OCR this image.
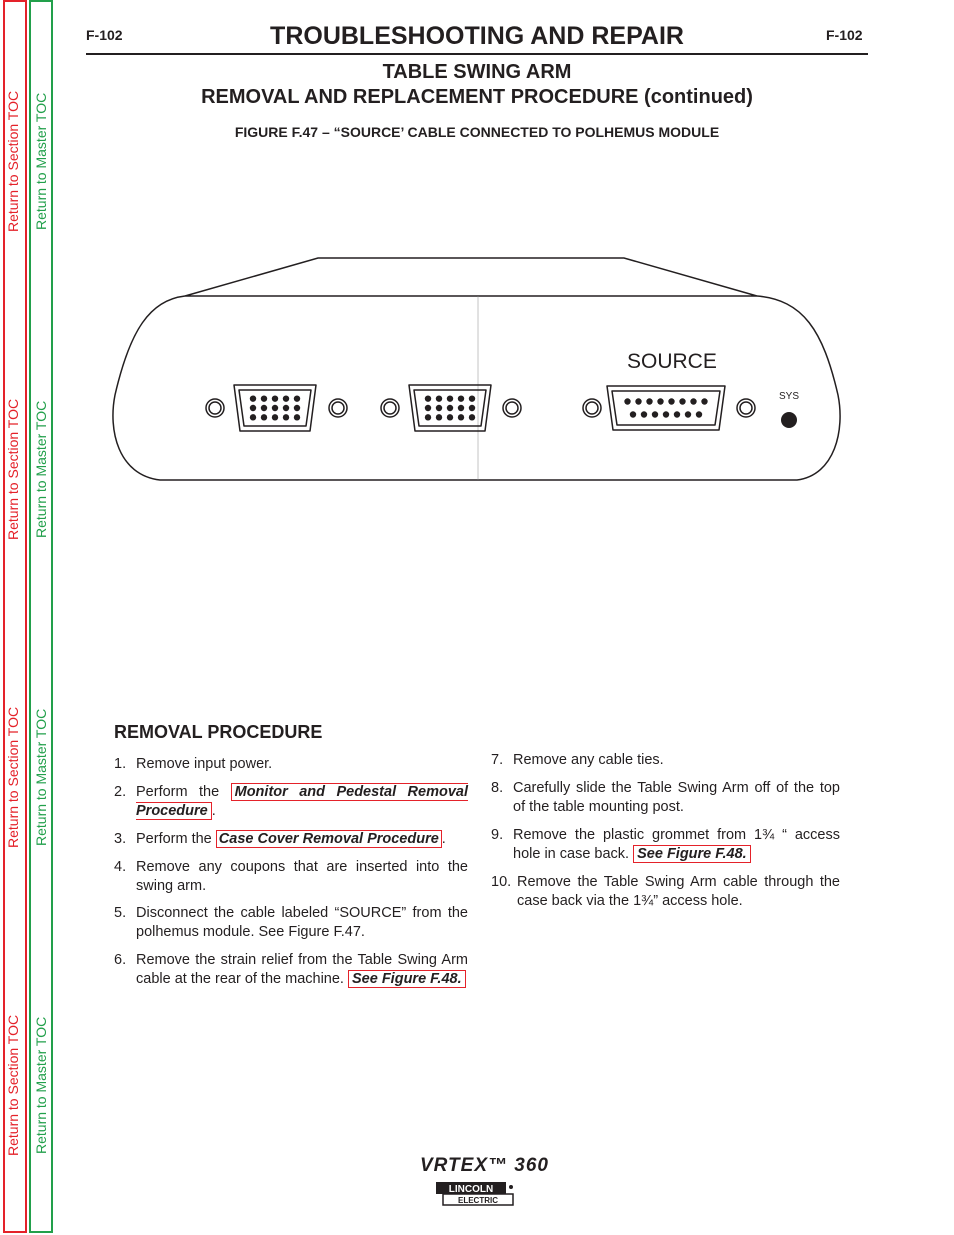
Return to Section TOC
Return to Section TOC
Return to Section TOC
Return to Section TOC
Return to Master TOC
Return to Master TOC
Return to Master TOC
Return to Master TOC
F-102	F-102
TROUBLESHOOTING AND REPAIR
TABLE SWING ARM
REMOVAL AND REPLACEMENT PROCEDURE (continued)
FIGURE F.47 – “SOURCE’ CABLE CONNECTED TO POLHEMUS MODULE
SOURCE
SYS
REMOVAL PROCEDURE
1. Remove input power.
2. Perform the Monitor and Pedestal Removal Procedure .
3. Perform the Case Cover Removal Procedure .
4. Remove any coupons that are inserted into the swing arm.
5. Disconnect the cable labeled “SOURCE” from the polhemus module. See Figure F.47.
6. Remove the strain relief from the Table Swing Arm cable at the rear of the machine. See Figure F.48.
7. Remove any cable ties.
8. Carefully slide the Table Swing Arm off of the top of the table mounting post.
9. Remove the plastic grommet from 1¾ “ access hole in case back. See Figure F.48.
10. Remove the Table Swing Arm cable through the case back via the 1¾” access hole.
VRTEX™ 360
LINCOLN
ELECTRIC
